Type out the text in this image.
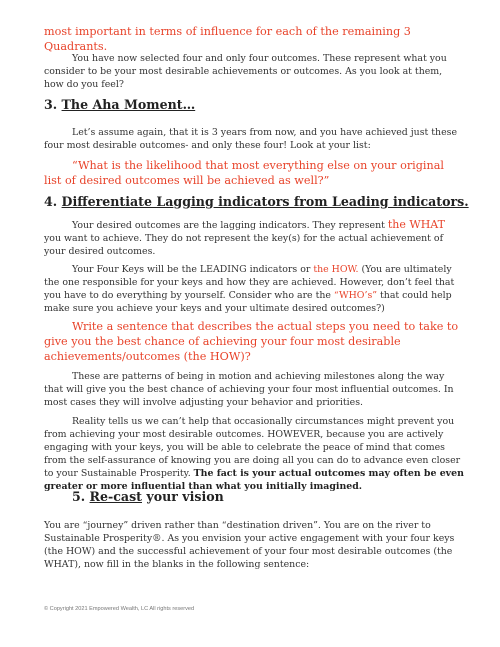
most important in terms of influence for each of the remaining 3 Quadrants.
You have now selected four and only four outcomes. These represent what you consider to be your most desirable achievements or outcomes. As you look at them, how do you feel?
3. The Aha Moment…
Let’s assume again, that it is 3 years from now, and you have achieved just these four most desirable outcomes- and only these four! Look at your list:
“What is the likelihood that most everything else on your original list of desired outcomes will be achieved as well?”
4. Differentiate Lagging indicators from Leading indicators.
Your desired outcomes are the lagging indicators. They represent the WHAT you want to achieve. They do not represent the key(s) for the actual achievement of your desired outcomes.
Your Four Keys will be the LEADING indicators or the HOW. (You are ultimately the one responsible for your keys and how they are achieved. However, don’t feel that you have to do everything by yourself. Consider who are the “WHO’s” that could help make sure you achieve your keys and your ultimate desired outcomes?)
Write a sentence that describes the actual steps you need to take to give you the best chance of achieving your four most desirable achievements/outcomes (the HOW)?
These are patterns of being in motion and achieving milestones along the way that will give you the best chance of achieving your four most influential outcomes. In most cases they will involve adjusting your behavior and priorities.
Reality tells us we can’t help that occasionally circumstances might prevent you from achieving your most desirable outcomes. HOWEVER, because you are actively engaging with your keys, you will be able to celebrate the peace of mind that comes from the self-assurance of knowing you are doing all you can do to advance even closer to your Sustainable Prosperity. The fact is your actual outcomes may often be even greater or more influential than what you initially imagined.
5. Re-cast your vision
You are “journey” driven rather than “destination driven”. You are on the river to Sustainable Prosperity®. As you envision your active engagement with your four keys (the HOW) and the successful achievement of your four most desirable outcomes (the WHAT), now fill in the blanks in the following sentence:
© Copyright 2021 Empowered Wealth, LC All rights reserved
